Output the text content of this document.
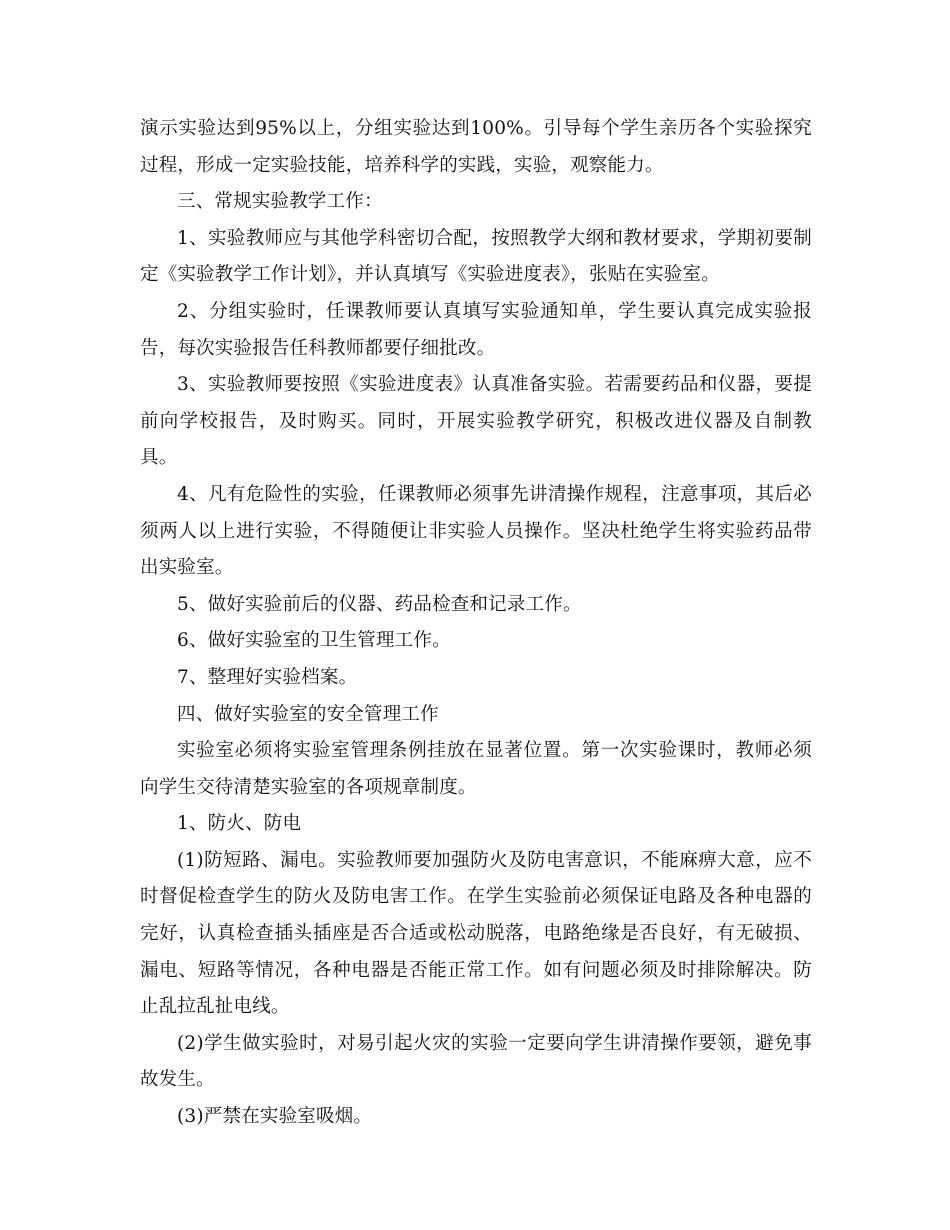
演示实验达到95%以上，分组实验达到100%。引导每个学生亲历各个实验探究过程，形成一定实验技能，培养科学的实践，实验，观察能力。

三、常规实验教学工作：

1、实验教师应与其他学科密切合配，按照教学大纲和教材要求，学期初要制定《实验教学工作计划》，并认真填写《实验进度表》，张贴在实验室。

2、分组实验时，任课教师要认真填写实验通知单，学生要认真完成实验报告，每次实验报告任科教师都要仔细批改。

3、实验教师要按照《实验进度表》认真准备实验。若需要药品和仪器，要提前向学校报告，及时购买。同时，开展实验教学研究，积极改进仪器及自制教具。

4、凡有危险性的实验，任课教师必须事先讲清操作规程，注意事项，其后必须两人以上进行实验，不得随便让非实验人员操作。坚决杜绝学生将实验药品带出实验室。

5、做好实验前后的仪器、药品检查和记录工作。

6、做好实验室的卫生管理工作。

7、整理好实验档案。

四、做好实验室的安全管理工作

实验室必须将实验室管理条例挂放在显著位置。第一次实验课时，教师必须向学生交待清楚实验室的各项规章制度。

1、防火、防电

(1)防短路、漏电。实验教师要加强防火及防电害意识，不能麻痹大意，应不时督促检查学生的防火及防电害工作。在学生实验前必须保证电路及各种电器的完好，认真检查插头插座是否合适或松动脱落，电路绝缘是否良好，有无破损、漏电、短路等情况，各种电器是否能正常工作。如有问题必须及时排除解决。防止乱拉乱扯电线。

(2)学生做实验时，对易引起火灾的实验一定要向学生讲清操作要领，避免事故发生。

(3)严禁在实验室吸烟。
